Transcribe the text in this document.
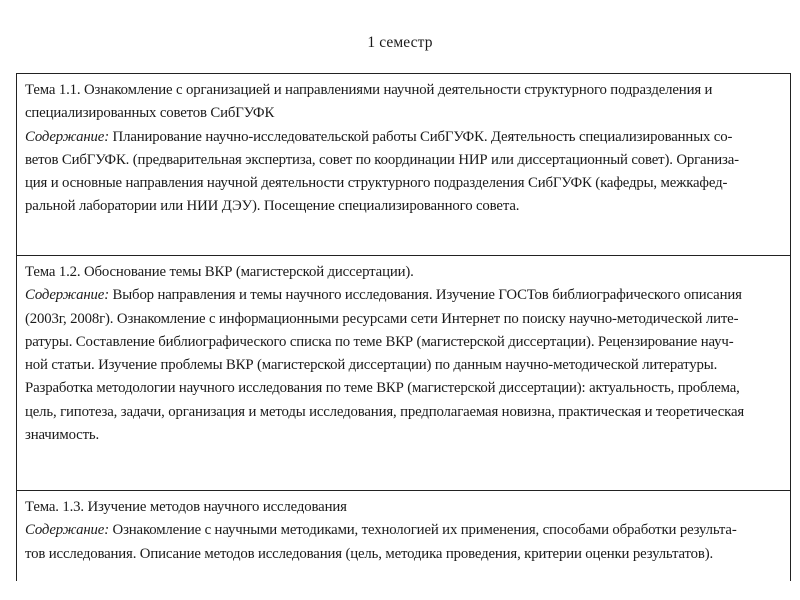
1 семестр
Тема 1.1. Ознакомление с организацией и направлениями научной деятельности структурного подразделения и
специализированных советов СибГУФК
Содержание: Планирование научно-исследовательской работы СибГУФК. Деятельность специализированных со-
ветов СибГУФК. (предварительная экспертиза, совет по координации НИР или диссертационный совет). Организа-
ция и основные направления научной деятельности структурного подразделения СибГУФК (кафедры, межкафед-
ральной лаборатории или НИИ ДЭУ). Посещение специализированного совета.
Тема 1.2. Обоснование темы ВКР (магистерской диссертации).
Содержание: Выбор направления и темы научного исследования. Изучение ГОСТов библиографического описания
(2003г, 2008г). Ознакомление с информационными ресурсами сети Интернет по поиску научно-методической лите-
ратуры. Составление библиографического списка по теме ВКР (магистерской диссертации). Рецензирование науч-
ной статьи. Изучение проблемы ВКР (магистерской диссертации) по данным научно-методической литературы.
Разработка методологии научного исследования по теме ВКР (магистерской диссертации): актуальность, проблема,
цель, гипотеза, задачи, организация и методы исследования, предполагаемая новизна, практическая и теоретическая
значимость.
Тема. 1.3. Изучение методов научного исследования
Содержание: Ознакомление с научными методиками, технологией их применения, способами обработки результа-
тов исследования. Описание методов исследования (цель, методика проведения, критерии оценки результатов).
